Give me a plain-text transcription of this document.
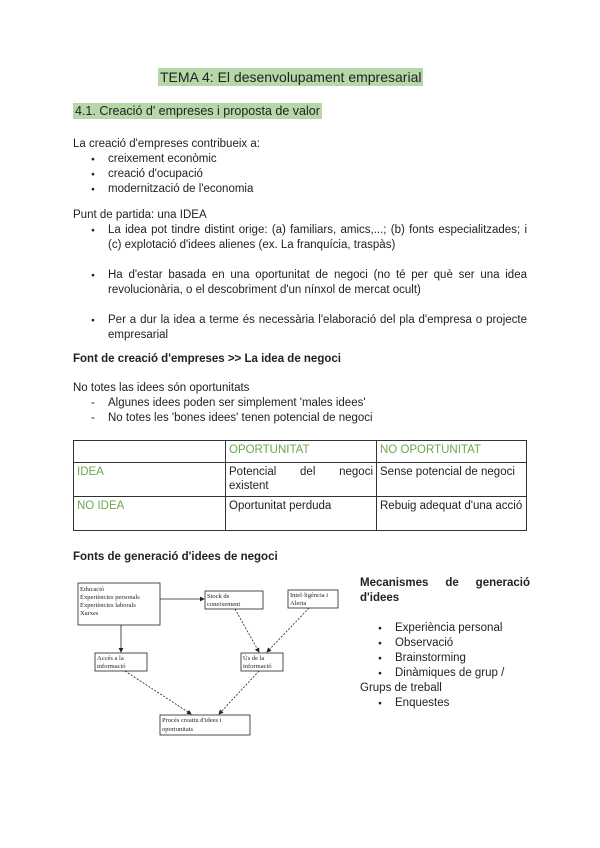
TEMA 4: El desenvolupament empresarial
4.1. Creació d' empreses i proposta de valor
La creació d'empreses contribueix a:
● creixement econòmic
● creació d'ocupació
● modernització de l'economia
Punt de partida: una IDEA
● La idea pot tindre distint orige: (a) familiars, amics,...; (b) fonts especialitzades; i (c) explotació d'idees alienes (ex. La franquícia, traspàs)
● Ha d'estar basada en una oportunitat de negoci (no té per què ser una idea revolucionària, o el descobriment d'un nínxol de mercat ocult)
● Per a dur la idea a terme és necessària l'elaboració del pla d'empresa o projecte empresarial
Font de creació d'empreses >> La idea de negoci
No totes las idees són oportunitats
- Algunes idees poden ser simplement 'males idees'
- No totes les 'bones idees' tenen potencial de negoci
	OPORTUNITAT	NO OPORTUNITAT
IDEA	Potencial del negoci existent	Sense potencial de negoci
NO IDEA	Oportunitat perduda	Rebuig adequat d'una acció
Fonts de generació d'idees de negoci
Educació
Experiències personals
Experiències laborals
Xarxes
Stock de
coneixement
Intel·ligència i
Alerta
Accés a la
informació
Ús de la
informació
Procés creatiu d'idees i
oportunitats
Mecanismes de generació d'idees
● Experiència personal
● Observació
● Brainstorming
● Dinàmiques de grup /
Grups de treball
● Enquestes
